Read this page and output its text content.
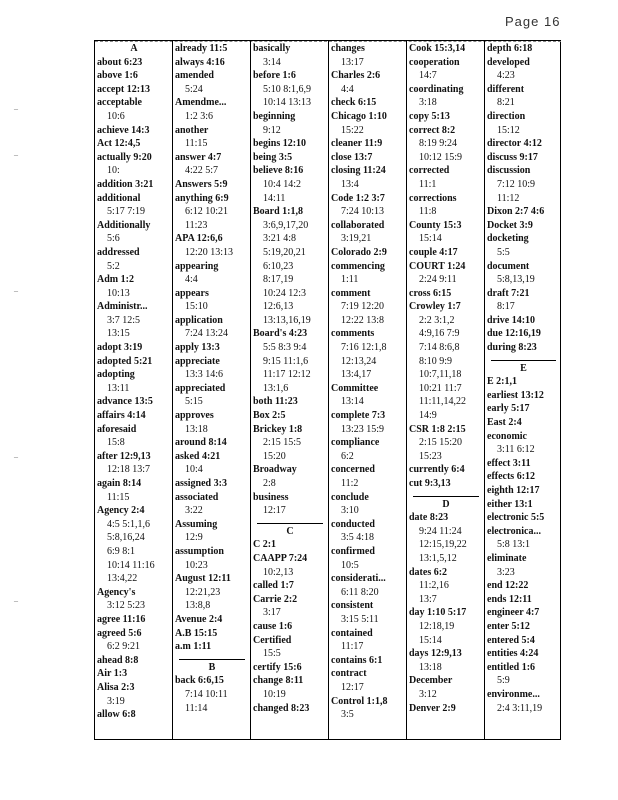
Page 16
–
–
–
–
–
A
about 6:23
above 1:6
accept 12:13
acceptable
10:6
achieve 14:3
Act 12:4,5
actually 9:20
10:
addition 3:21
additional
5:17 7:19
Additionally
5:6
addressed
5:2
Adm 1:2
10:13
Administr...
3:7 12:5
13:15
adopt 3:19
adopted 5:21
adopting
13:11
advance 13:5
affairs 4:14
aforesaid
15:8
after 12:9,13
12:18 13:7
again 8:14
11:15
Agency 2:4
4:5 5:1,1,6
5:8,16,24
6:9 8:1
10:14 11:16
13:4,22
Agency's
3:12 5:23
agree 11:16
agreed 5:6
6:2 9:21
ahead 8:8
Air 1:3
Alisa 2:3
3:19
allow 6:8
already 11:5
always 4:16
amended
5:24
Amendme...
1:2 3:6
another
11:15
answer 4:7
4:22 5:7
Answers 5:9
anything 6:9
6:12 10:21
11:23
APA 12:6,6
12:20 13:13
appearing
4:4
appears
15:10
application
7:24 13:24
apply 13:3
appreciate
13:3 14:6
appreciated
5:15
approves
13:18
around 8:14
asked 4:21
10:4
assigned 3:3
associated
3:22
Assuming
12:9
assumption
10:23
August 12:11
12:21,23
13:8,8
Avenue 2:4
A.B 15:15
a.m 1:11
B
back 6:6,15
7:14 10:11
11:14
basically
3:14
before 1:6
5:10 8:1,6,9
10:14 13:13
beginning
9:12
begins 12:10
being 3:5
believe 8:16
10:4 14:2
14:11
Board 1:1,8
3:6,9,17,20
3:21 4:8
5:19,20,21
6:10,23
8:17,19
10:24 12:3
12:6,13
13:13,16,19
Board's 4:23
5:5 8:3 9:4
9:15 11:1,6
11:17 12:12
13:1,6
both 11:23
Box 2:5
Brickey 1:8
2:15 15:5
15:20
Broadway
2:8
business
12:17
C
C 2:1
CAAPP 7:24
10:2,13
called 1:7
Carrie 2:2
3:17
cause 1:6
Certified
15:5
certify 15:6
change 8:11
10:19
changed 8:23
changes
13:17
Charles 2:6
4:4
check 6:15
Chicago 1:10
15:22
cleaner 11:9
close 13:7
closing 11:24
13:4
Code 1:2 3:7
7:24 10:13
collaborated
3:19,21
Colorado 2:9
commencing
1:11
comment
7:19 12:20
12:22 13:8
comments
7:16 12:1,8
12:13,24
13:4,17
Committee
13:14
complete 7:3
13:23 15:9
compliance
6:2
concerned
11:2
conclude
3:10
conducted
3:5 4:18
confirmed
10:5
considerati...
6:11 8:20
consistent
3:15 5:11
contained
11:17
contains 6:1
contract
12:17
Control 1:1,8
3:5
Cook 15:3,14
cooperation
14:7
coordinating
3:18
copy 5:13
correct 8:2
8:19 9:24
10:12 15:9
corrected
11:1
corrections
11:8
County 15:3
15:14
couple 4:17
COURT 1:24
2:24 9:11
cross 6:15
Crowley 1:7
2:2 3:1,2
4:9,16 7:9
7:14 8:6,8
8:10 9:9
10:7,11,18
10:21 11:7
11:11,14,22
14:9
CSR 1:8 2:15
2:15 15:20
15:23
currently 6:4
cut 9:3,13
D
date 8:23
9:24 11:24
12:15,19,22
13:1,5,12
dates 6:2
11:2,16
13:7
day 1:10 5:17
12:18,19
15:14
days 12:9,13
13:18
December
3:12
Denver 2:9
depth 6:18
developed
4:23
different
8:21
direction
15:12
director 4:12
discuss 9:17
discussion
7:12 10:9
11:12
Dixon 2:7 4:6
Docket 3:9
docketing
5:5
document
5:8,13,19
draft 7:21
8:17
drive 14:10
due 12:16,19
during 8:23
E
E 2:1,1
earliest 13:12
early 5:17
East 2:4
economic
3:11 6:12
effect 3:11
effects 6:12
eighth 12:17
either 13:1
electronic 5:5
electronica...
5:8 13:1
eliminate
3:23
end 12:22
ends 12:11
engineer 4:7
enter 5:12
entered 5:4
entities 4:24
entitled 1:6
5:9
environme...
2:4 3:11,19
